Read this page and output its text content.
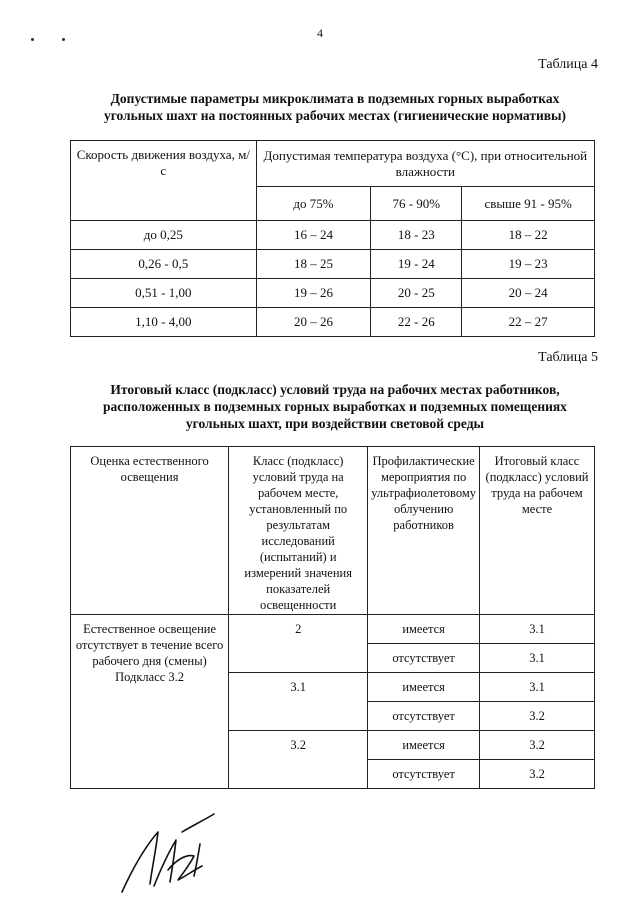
4
Таблица 4
Допустимые параметры микроклимата в подземных горных выработках
угольных шахт на постоянных рабочих местах (гигиенические нормативы)
Скорость движения воздуха, м/с	Допустимая температура воздуха (°C), при относительной влажности		
	до 75%	76 - 90%	свыше 91 - 95%
до 0,25	16 – 24	18 - 23	18 – 22
0,26 - 0,5	18 – 25	19 - 24	19 – 23
0,51 - 1,00	19 – 26	20 - 25	20 – 24
1,10 - 4,00	20 – 26	22 - 26	22 – 27
Таблица 5
Итоговый класс (подкласс) условий труда на рабочих местах работников,
расположенных в подземных горных выработках и подземных помещениях
угольных шахт, при воздействии световой среды
Оценка естественного освещения	Класс (подкласс) условий труда на рабочем месте, установленный по результатам исследований (испытаний) и измерений значения показателей освещенности	Профилактические мероприятия по ультрафиолетовому облучению работников	Итоговый класс (подкласс) условий труда на рабочем месте
Естественное освещение отсутствует в течение всего рабочего дня (смены) Подкласс 3.2	2	имеется	3.1
		отсутствует	3.1
	3.1	имеется	3.1
		отсутствует	3.2
	3.2	имеется	3.2
		отсутствует	3.2
